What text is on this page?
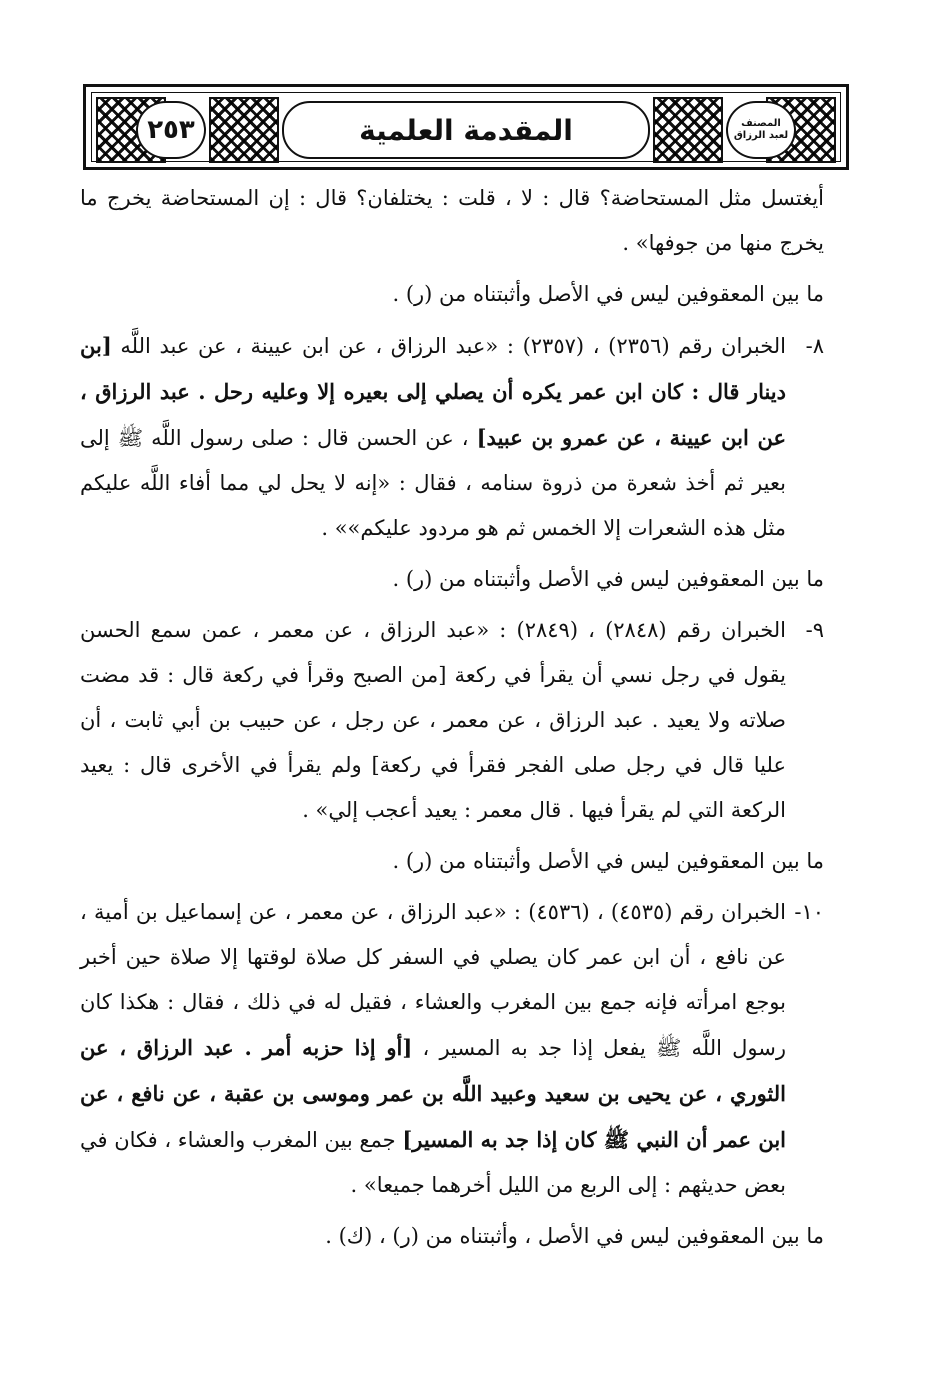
٢٥٣	المقدمة العلمية	المصنف
لعبد الرزاق

أيغتسل مثل المستحاضة؟ قال : لا ، قلت : يختلفان؟ قال : إن المستحاضة يخرج ما يخرج منها من جوفها» .

ما بين المعقوفين ليس في الأصل وأثبتناه من (ر) .

٨-الخبران رقم (٢٣٥٦) ، (٢٣٥٧) : «عبد الرزاق ، عن ابن عيينة ، عن عبد اللَّه [بن دينار قال : كان ابن عمر يكره أن يصلي إلى بعيره إلا وعليه رحل . عبد الرزاق ، عن ابن عيينة ، عن عمرو بن عبيد] ، عن الحسن قال : صلى رسول اللَّه ﷺ إلى بعير ثم أخذ شعرة من ذروة سنامه ، فقال : «إنه لا يحل لي مما أفاء اللَّه عليكم مثل هذه الشعرات إلا الخمس ثم هو مردود عليكم»» .

ما بين المعقوفين ليس في الأصل وأثبتناه من (ر) .

٩-الخبران رقم (٢٨٤٨) ، (٢٨٤٩) : «عبد الرزاق ، عن معمر ، عمن سمع الحسن يقول في رجل نسي أن يقرأ في ركعة [من الصبح وقرأ في ركعة قال : قد مضت صلاته ولا يعيد . عبد الرزاق ، عن معمر ، عن رجل ، عن حبيب بن أبي ثابت ، أن عليا قال في رجل صلى الفجر فقرأ في ركعة] ولم يقرأ في الأخرى قال : يعيد الركعة التي لم يقرأ فيها . قال معمر : يعيد أعجب إلي» .

ما بين المعقوفين ليس في الأصل وأثبتناه من (ر) .

١٠-الخبران رقم (٤٥٣٥) ، (٤٥٣٦) : «عبد الرزاق ، عن معمر ، عن إسماعيل بن أمية ، عن نافع ، أن ابن عمر كان يصلي في السفر كل صلاة لوقتها إلا صلاة حين أخبر بوجع امرأته فإنه جمع بين المغرب والعشاء ، فقيل له في ذلك ، فقال : هكذا كان رسول اللَّه ﷺ يفعل إذا جد به المسير ، [أو إذا حزبه أمر . عبد الرزاق ، عن الثوري ، عن يحيى بن سعيد وعبيد اللَّه بن عمر وموسى بن عقبة ، عن نافع ، عن ابن عمر أن النبي ﷺ كان إذا جد به المسير] جمع بين المغرب والعشاء ، فكان في بعض حديثهم : إلى الربع من الليل أخرهما جميعا» .

ما بين المعقوفين ليس في الأصل ، وأثبتناه من (ر) ، (ك) .
